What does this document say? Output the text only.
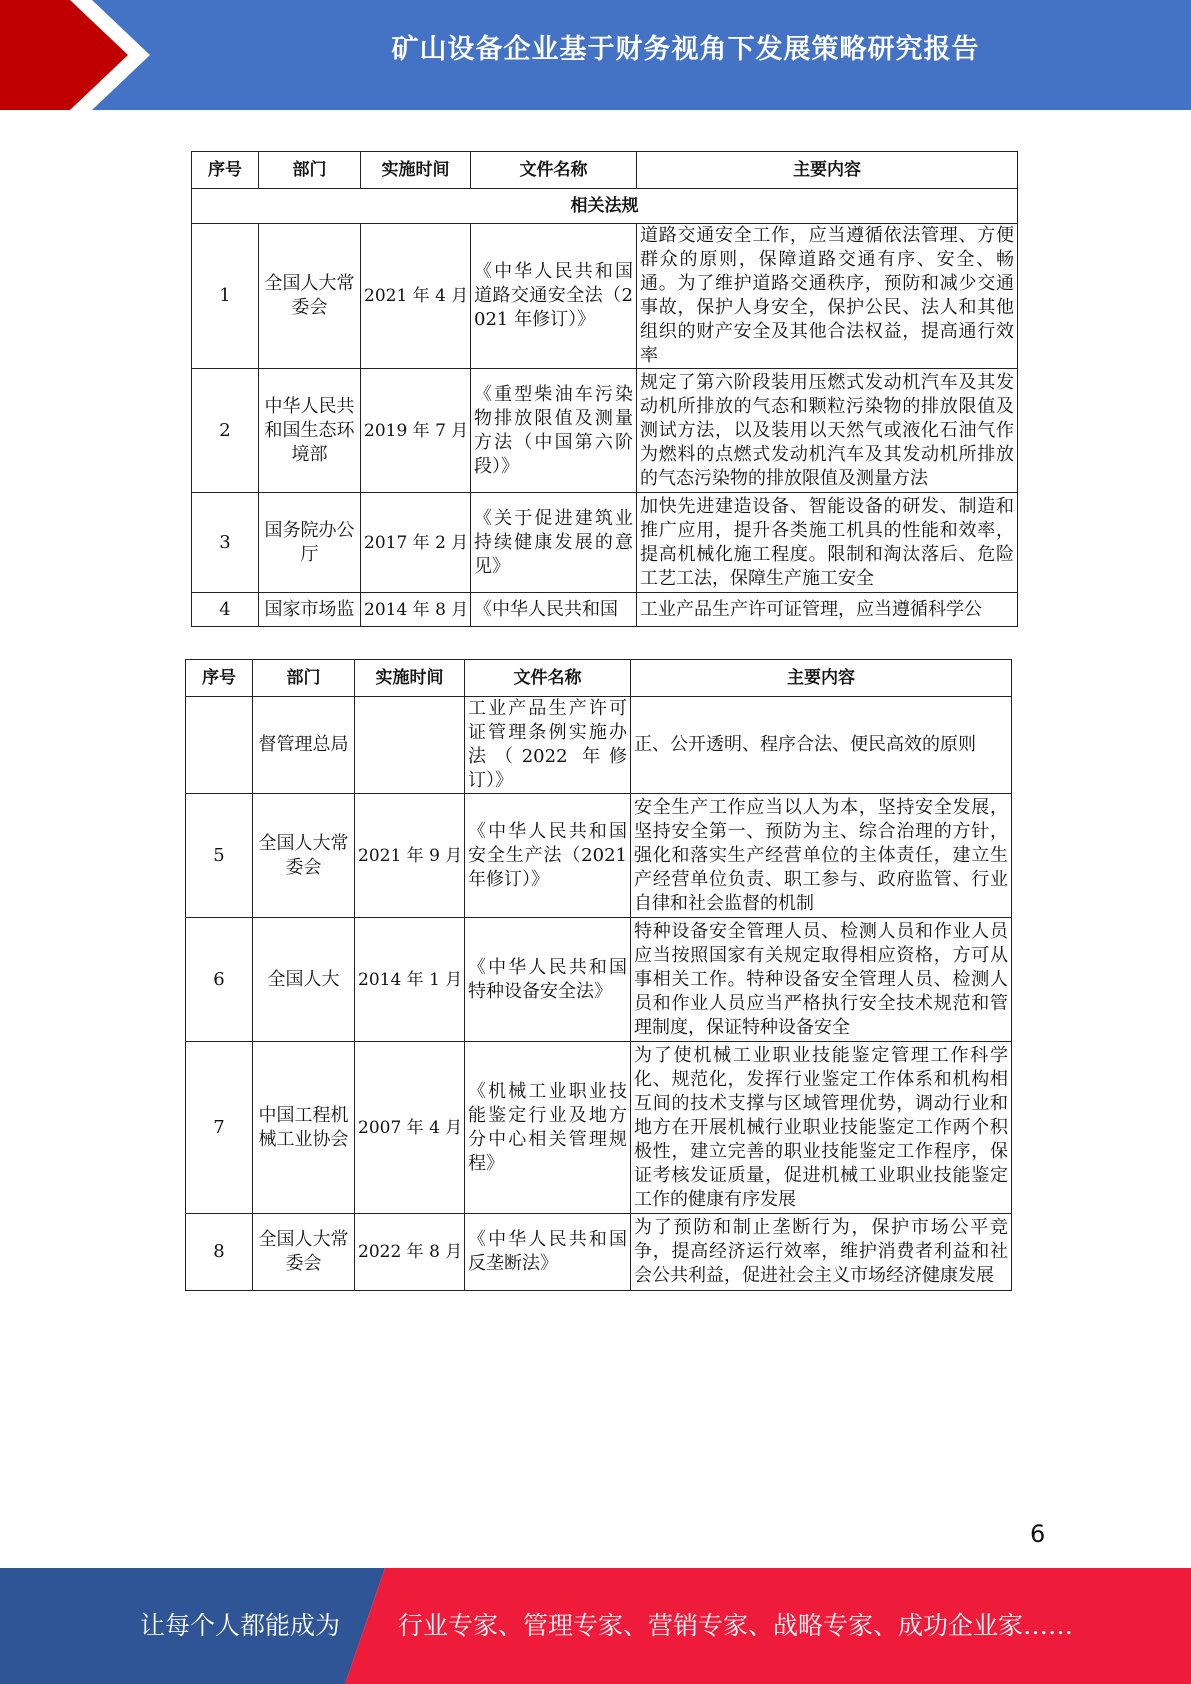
矿山设备企业基于财务视角下发展策略研究报告
序号	部门	实施时间	文件名称	主要内容
相关法规				
1	全国人大常委会	2021 年 4 月	《中华人民共和国道路交通安全法（2021 年修订）》	道路交通安全工作，应当遵循依法管理、方便群众的原则，保障道路交通有序、安全、畅通。为了维护道路交通秩序，预防和减少交通事故，保护人身安全，保护公民、法人和其他组织的财产安全及其他合法权益，提高通行效率
2	中华人民共和国生态环境部	2019 年 7 月	《重型柴油车污染物排放限值及测量方法（中国第六阶段）》	规定了第六阶段装用压燃式发动机汽车及其发动机所排放的气态和颗粒污染物的排放限值及测试方法，以及装用以天然气或液化石油气作为燃料的点燃式发动机汽车及其发动机所排放的气态污染物的排放限值及测量方法
3	国务院办公厅	2017 年 2 月	《关于促进建筑业持续健康发展的意见》	加快先进建造设备、智能设备的研发、制造和推广应用，提升各类施工机具的性能和效率，提高机械化施工程度。限制和淘汰落后、危险工艺工法，保障生产施工安全
4	国家市场监	2014 年 8 月	《中华人民共和国	工业产品生产许可证管理，应当遵循科学公
序号	部门	实施时间	文件名称	主要内容
	督管理总局		工业产品生产许可证管理条例实施办法（2022 年修订）》	正、公开透明、程序合法、便民高效的原则
5	全国人大常委会	2021 年 9 月	《中华人民共和国安全生产法（2021 年修订）》	安全生产工作应当以人为本，坚持安全发展，坚持安全第一、预防为主、综合治理的方针，强化和落实生产经营单位的主体责任，建立生产经营单位负责、职工参与、政府监管、行业自律和社会监督的机制
6	全国人大	2014 年 1 月	《中华人民共和国特种设备安全法》	特种设备安全管理人员、检测人员和作业人员应当按照国家有关规定取得相应资格，方可从事相关工作。特种设备安全管理人员、检测人员和作业人员应当严格执行安全技术规范和管理制度，保证特种设备安全
7	中国工程机械工业协会	2007 年 4 月	《机械工业职业技能鉴定行业及地方分中心相关管理规程》	为了使机械工业职业技能鉴定管理工作科学化、规范化，发挥行业鉴定工作体系和机构相互间的技术支撑与区域管理优势，调动行业和地方在开展机械行业职业技能鉴定工作两个积极性，建立完善的职业技能鉴定工作程序，保证考核发证质量，促进机械工业职业技能鉴定工作的健康有序发展
8	全国人大常委会	2022 年 8 月	《中华人民共和国反垄断法》	为了预防和制止垄断行为，保护市场公平竞争，提高经济运行效率，维护消费者利益和社会公共利益，促进社会主义市场经济健康发展
6
让每个人都能成为 行业专家、管理专家、营销专家、战略专家、成功企业家……
